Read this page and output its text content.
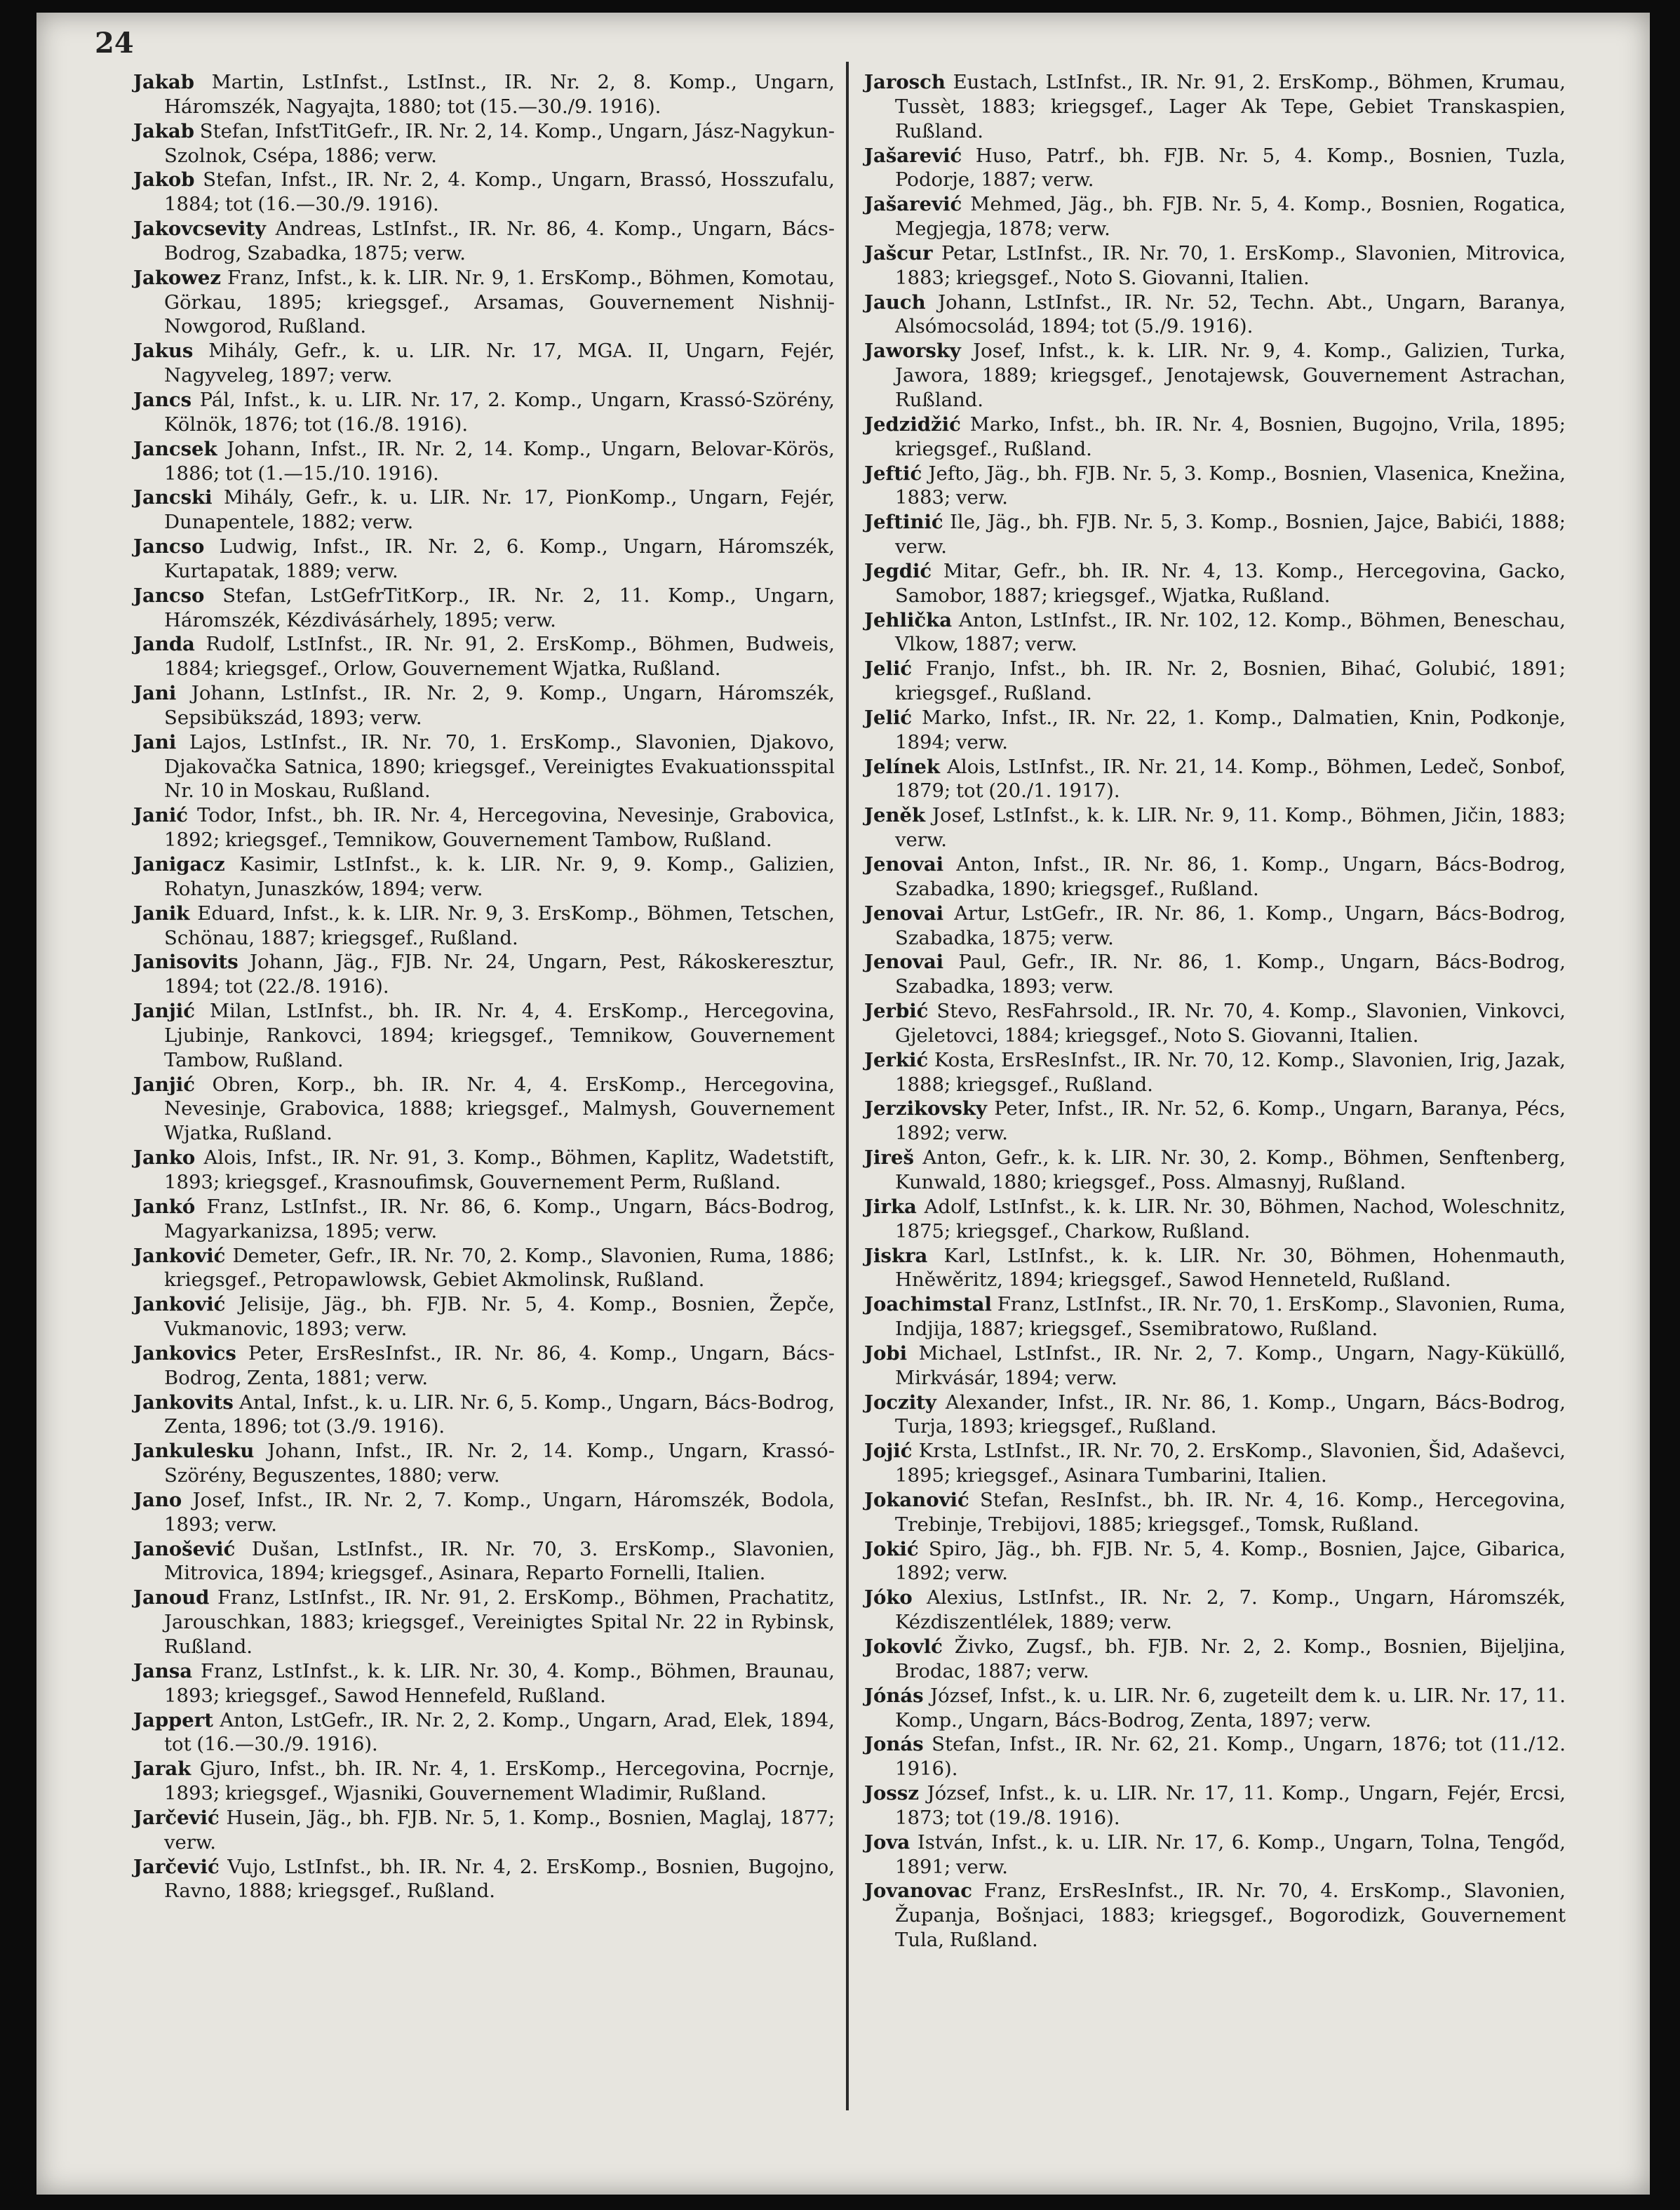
24

Jakab Martin, LstInfst., LstInst., IR. Nr. 2, 8. Komp., Ungarn, Háromszék, Nagyajta, 1880; tot (15.—30./9. 1916).

Jakab Stefan, InfstTitGefr., IR. Nr. 2, 14. Komp., Ungarn, Jász-Nagykun-Szolnok, Csépa, 1886; verw.

Jakob Stefan, Infst., IR. Nr. 2, 4. Komp., Ungarn, Brassó, Hosszufalu, 1884; tot (16.—30./9. 1916).

Jakovcsevity Andreas, LstInfst., IR. Nr. 86, 4. Komp., Ungarn, Bács-Bodrog, Szabadka, 1875; verw.

Jakowez Franz, Infst., k. k. LIR. Nr. 9, 1. ErsKomp., Böhmen, Komotau, Görkau, 1895; kriegsgef., Arsamas, Gouvernement Nishnij-Nowgorod, Rußland.

Jakus Mihály, Gefr., k. u. LIR. Nr. 17, MGA. II, Ungarn, Fejér, Nagyveleg, 1897; verw.

Jancs Pál, Infst., k. u. LIR. Nr. 17, 2. Komp., Ungarn, Krassó-Szörény, Kölnök, 1876; tot (16./8. 1916).

Jancsek Johann, Infst., IR. Nr. 2, 14. Komp., Ungarn, Belovar-Körös, 1886; tot (1.—15./10. 1916).

Jancski Mihály, Gefr., k. u. LIR. Nr. 17, PionKomp., Ungarn, Fejér, Dunapentele, 1882; verw.

Jancso Ludwig, Infst., IR. Nr. 2, 6. Komp., Ungarn, Háromszék, Kurtapatak, 1889; verw.

Jancso Stefan, LstGefrTitKorp., IR. Nr. 2, 11. Komp., Ungarn, Háromszék, Kézdivásárhely, 1895; verw.

Janda Rudolf, LstInfst., IR. Nr. 91, 2. ErsKomp., Böhmen, Budweis, 1884; kriegsgef., Orlow, Gouvernement Wjatka, Rußland.

Jani Johann, LstInfst., IR. Nr. 2, 9. Komp., Ungarn, Háromszék, Sepsibükszád, 1893; verw.

Jani Lajos, LstInfst., IR. Nr. 70, 1. ErsKomp., Slavonien, Djakovo, Djakovačka Satnica, 1890; kriegsgef., Vereinigtes Evakuationsspital Nr. 10 in Moskau, Rußland.

Janić Todor, Infst., bh. IR. Nr. 4, Hercegovina, Nevesinje, Grabovica, 1892; kriegsgef., Temnikow, Gouvernement Tambow, Rußland.

Janigacz Kasimir, LstInfst., k. k. LIR. Nr. 9, 9. Komp., Galizien, Rohatyn, Junaszków, 1894; verw.

Janik Eduard, Infst., k. k. LIR. Nr. 9, 3. ErsKomp., Böhmen, Tetschen, Schönau, 1887; kriegsgef., Rußland.

Janisovits Johann, Jäg., FJB. Nr. 24, Ungarn, Pest, Rákoskeresztur, 1894; tot (22./8. 1916).

Janjić Milan, LstInfst., bh. IR. Nr. 4, 4. ErsKomp., Hercegovina, Ljubinje, Rankovci, 1894; kriegsgef., Temnikow, Gouvernement Tambow, Rußland.

Janjić Obren, Korp., bh. IR. Nr. 4, 4. ErsKomp., Hercegovina, Nevesinje, Grabovica, 1888; kriegsgef., Malmysh, Gouvernement Wjatka, Rußland.

Janko Alois, Infst., IR. Nr. 91, 3. Komp., Böhmen, Kaplitz, Wadetstift, 1893; kriegsgef., Krasnoufimsk, Gouvernement Perm, Rußland.

Jankó Franz, LstInfst., IR. Nr. 86, 6. Komp., Ungarn, Bács-Bodrog, Magyarkanizsa, 1895; verw.

Janković Demeter, Gefr., IR. Nr. 70, 2. Komp., Slavonien, Ruma, 1886; kriegsgef., Petropawlowsk, Gebiet Akmolinsk, Rußland.

Janković Jelisije, Jäg., bh. FJB. Nr. 5, 4. Komp., Bosnien, Žepče, Vukmanovic, 1893; verw.

Jankovics Peter, ErsResInfst., IR. Nr. 86, 4. Komp., Ungarn, Bács-Bodrog, Zenta, 1881; verw.

Jankovits Antal, Infst., k. u. LIR. Nr. 6, 5. Komp., Ungarn, Bács-Bodrog, Zenta, 1896; tot (3./9. 1916).

Jankulesku Johann, Infst., IR. Nr. 2, 14. Komp., Ungarn, Krassó-Szörény, Beguszentes, 1880; verw.

Jano Josef, Infst., IR. Nr. 2, 7. Komp., Ungarn, Háromszék, Bodola, 1893; verw.

Janošević Dušan, LstInfst., IR. Nr. 70, 3. ErsKomp., Slavonien, Mitrovica, 1894; kriegsgef., Asinara, Reparto Fornelli, Italien.

Janoud Franz, LstInfst., IR. Nr. 91, 2. ErsKomp., Böhmen, Prachatitz, Jarouschkan, 1883; kriegsgef., Vereinigtes Spital Nr. 22 in Rybinsk, Rußland.

Jansa Franz, LstInfst., k. k. LIR. Nr. 30, 4. Komp., Böhmen, Braunau, 1893; kriegsgef., Sawod Hennefeld, Rußland.

Jappert Anton, LstGefr., IR. Nr. 2, 2. Komp., Ungarn, Arad, Elek, 1894, tot (16.—30./9. 1916).

Jarak Gjuro, Infst., bh. IR. Nr. 4, 1. ErsKomp., Hercegovina, Pocrnje, 1893; kriegsgef., Wjasniki, Gouvernement Wladimir, Rußland.

Jarčević Husein, Jäg., bh. FJB. Nr. 5, 1. Komp., Bosnien, Maglaj, 1877; verw.

Jarčević Vujo, LstInfst., bh. IR. Nr. 4, 2. ErsKomp., Bosnien, Bugojno, Ravno, 1888; kriegsgef., Rußland.

Jarosch Eustach, LstInfst., IR. Nr. 91, 2. ErsKomp., Böhmen, Krumau, Tussèt, 1883; kriegsgef., Lager Ak Tepe, Gebiet Transkaspien, Rußland.

Jašarević Huso, Patrf., bh. FJB. Nr. 5, 4. Komp., Bosnien, Tuzla, Podorje, 1887; verw.

Jašarević Mehmed, Jäg., bh. FJB. Nr. 5, 4. Komp., Bosnien, Rogatica, Megjegja, 1878; verw.

Jašcur Petar, LstInfst., IR. Nr. 70, 1. ErsKomp., Slavonien, Mitrovica, 1883; kriegsgef., Noto S. Giovanni, Italien.

Jauch Johann, LstInfst., IR. Nr. 52, Techn. Abt., Ungarn, Baranya, Alsómocsolád, 1894; tot (5./9. 1916).

Jaworsky Josef, Infst., k. k. LIR. Nr. 9, 4. Komp., Galizien, Turka, Jawora, 1889; kriegsgef., Jenotajewsk, Gouvernement Astrachan, Rußland.

Jedzidžić Marko, Infst., bh. IR. Nr. 4, Bosnien, Bugojno, Vrila, 1895; kriegsgef., Rußland.

Jeftić Jefto, Jäg., bh. FJB. Nr. 5, 3. Komp., Bosnien, Vlasenica, Knežina, 1883; verw.

Jeftinić Ile, Jäg., bh. FJB. Nr. 5, 3. Komp., Bosnien, Jajce, Babići, 1888; verw.

Jegdić Mitar, Gefr., bh. IR. Nr. 4, 13. Komp., Hercegovina, Gacko, Samobor, 1887; kriegsgef., Wjatka, Rußland.

Jehlička Anton, LstInfst., IR. Nr. 102, 12. Komp., Böhmen, Beneschau, Vlkow, 1887; verw.

Jelić Franjo, Infst., bh. IR. Nr. 2, Bosnien, Bihać, Golubić, 1891; kriegsgef., Rußland.

Jelić Marko, Infst., IR. Nr. 22, 1. Komp., Dalmatien, Knin, Podkonje, 1894; verw.

Jelínek Alois, LstInfst., IR. Nr. 21, 14. Komp., Böhmen, Ledeč, Sonbof, 1879; tot (20./1. 1917).

Jeněk Josef, LstInfst., k. k. LIR. Nr. 9, 11. Komp., Böhmen, Jičin, 1883; verw.

Jenovai Anton, Infst., IR. Nr. 86, 1. Komp., Ungarn, Bács-Bodrog, Szabadka, 1890; kriegsgef., Rußland.

Jenovai Artur, LstGefr., IR. Nr. 86, 1. Komp., Ungarn, Bács-Bodrog, Szabadka, 1875; verw.

Jenovai Paul, Gefr., IR. Nr. 86, 1. Komp., Ungarn, Bács-Bodrog, Szabadka, 1893; verw.

Jerbić Stevo, ResFahrsold., IR. Nr. 70, 4. Komp., Slavonien, Vinkovci, Gjeletovci, 1884; kriegsgef., Noto S. Giovanni, Italien.

Jerkić Kosta, ErsResInfst., IR. Nr. 70, 12. Komp., Slavonien, Irig, Jazak, 1888; kriegsgef., Rußland.

Jerzikovsky Peter, Infst., IR. Nr. 52, 6. Komp., Ungarn, Baranya, Pécs, 1892; verw.

Jireš Anton, Gefr., k. k. LIR. Nr. 30, 2. Komp., Böhmen, Senftenberg, Kunwald, 1880; kriegsgef., Poss. Almasnyj, Rußland.

Jirka Adolf, LstInfst., k. k. LIR. Nr. 30, Böhmen, Nachod, Woleschnitz, 1875; kriegsgef., Charkow, Rußland.

Jiskra Karl, LstInfst., k. k. LIR. Nr. 30, Böhmen, Hohenmauth, Hněwěritz, 1894; kriegsgef., Sawod Henneteld, Rußland.

Joachimstal Franz, LstInfst., IR. Nr. 70, 1. ErsKomp., Slavonien, Ruma, Indjija, 1887; kriegsgef., Ssemibratowo, Rußland.

Jobi Michael, LstInfst., IR. Nr. 2, 7. Komp., Ungarn, Nagy-Küküllő, Mirkvásár, 1894; verw.

Joczity Alexander, Infst., IR. Nr. 86, 1. Komp., Ungarn, Bács-Bodrog, Turja, 1893; kriegsgef., Rußland.

Jojić Krsta, LstInfst., IR. Nr. 70, 2. ErsKomp., Slavonien, Šid, Adaševci, 1895; kriegsgef., Asinara Tumbarini, Italien.

Jokanović Stefan, ResInfst., bh. IR. Nr. 4, 16. Komp., Hercegovina, Trebinje, Trebijovi, 1885; kriegsgef., Tomsk, Rußland.

Jokić Spiro, Jäg., bh. FJB. Nr. 5, 4. Komp., Bosnien, Jajce, Gibarica, 1892; verw.

Jóko Alexius, LstInfst., IR. Nr. 2, 7. Komp., Ungarn, Háromszék, Kézdiszentlélek, 1889; verw.

Jokovlć Živko, Zugsf., bh. FJB. Nr. 2, 2. Komp., Bosnien, Bijeljina, Brodac, 1887; verw.

Jónás József, Infst., k. u. LIR. Nr. 6, zugeteilt dem k. u. LIR. Nr. 17, 11. Komp., Ungarn, Bács-Bodrog, Zenta, 1897; verw.

Jonás Stefan, Infst., IR. Nr. 62, 21. Komp., Ungarn, 1876; tot (11./12. 1916).

Jossz József, Infst., k. u. LIR. Nr. 17, 11. Komp., Ungarn, Fejér, Ercsi, 1873; tot (19./8. 1916).

Jova István, Infst., k. u. LIR. Nr. 17, 6. Komp., Ungarn, Tolna, Tengőd, 1891; verw.

Jovanovac Franz, ErsResInfst., IR. Nr. 70, 4. ErsKomp., Slavonien, Županja, Bošnjaci, 1883; kriegsgef., Bogorodizk, Gouvernement Tula, Rußland.
